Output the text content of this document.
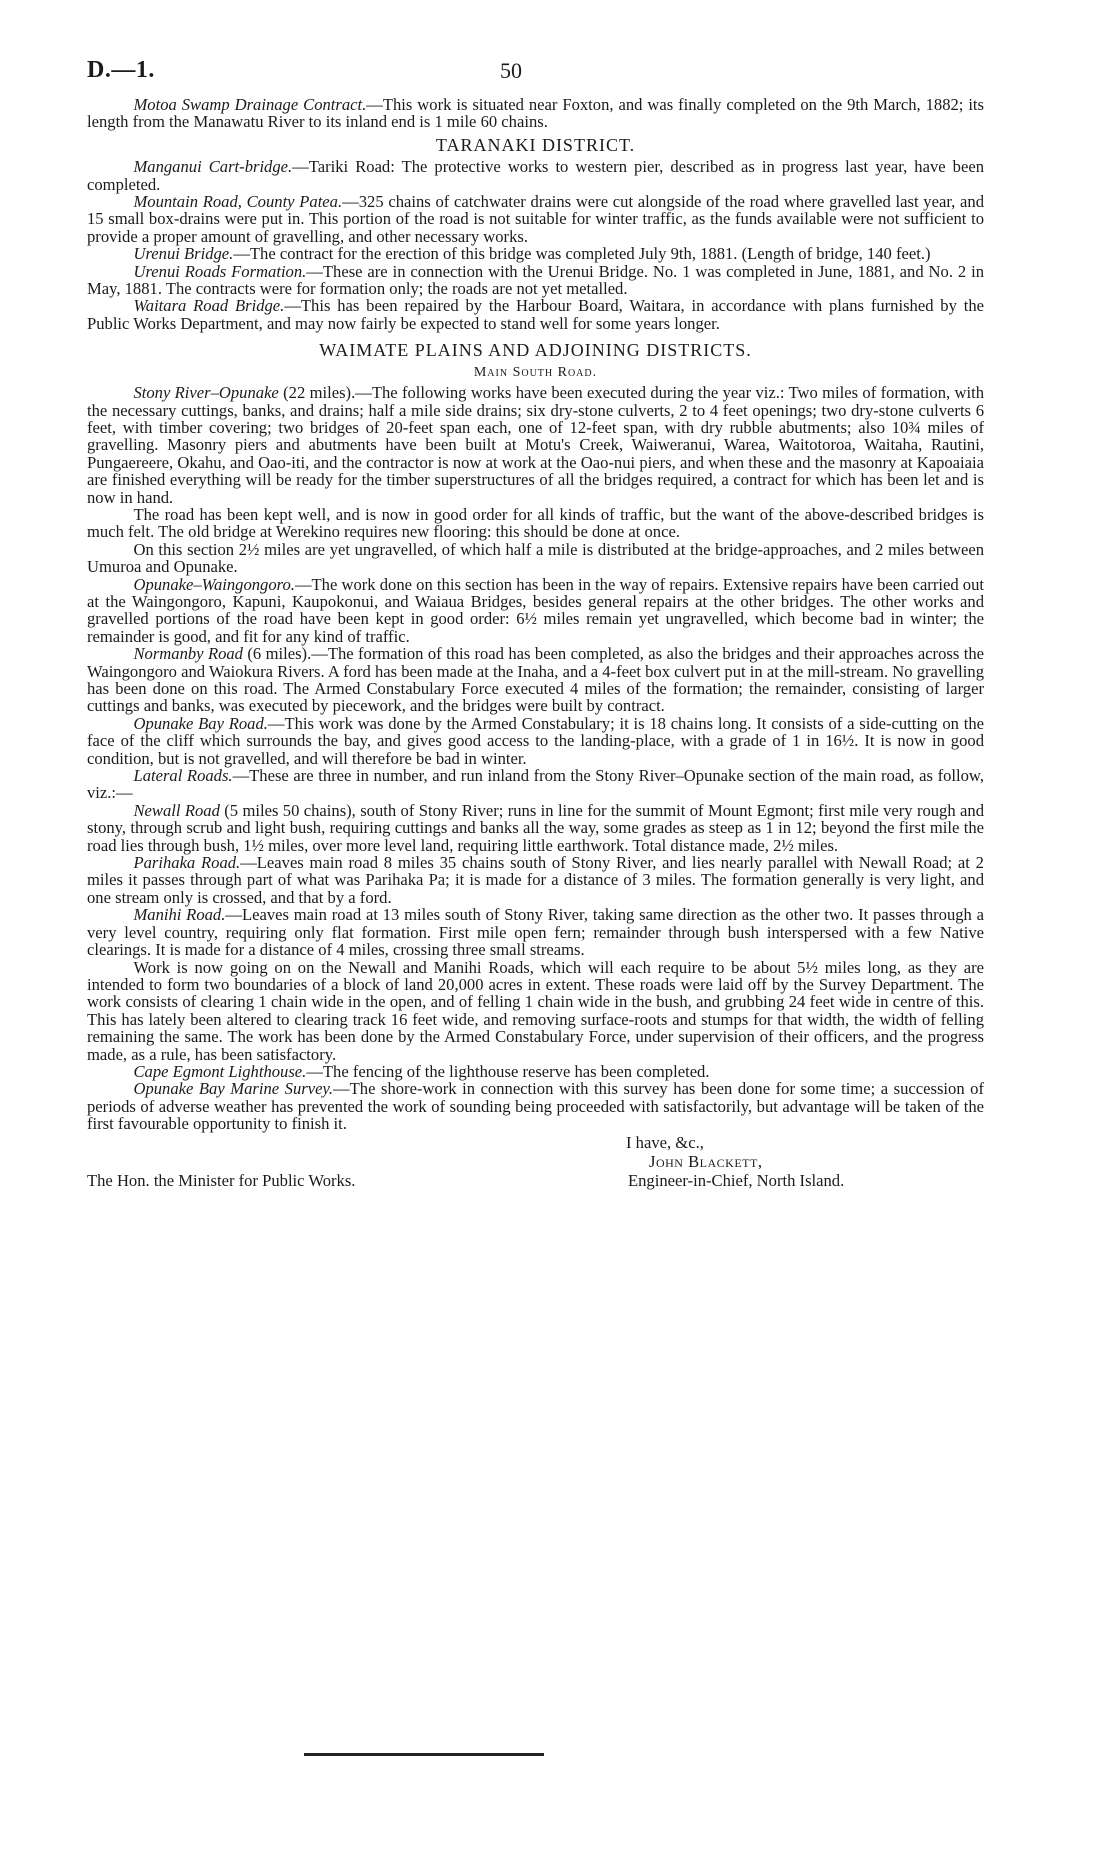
D.—1.	50

Motoa Swamp Drainage Contract.—This work is situated near Foxton, and was finally completed on the 9th March, 1882; its length from the Manawatu River to its inland end is 1 mile 60 chains.

TARANAKI DISTRICT.

Manganui Cart-bridge.—Tariki Road: The protective works to western pier, described as in progress last year, have been completed.

Mountain Road, County Patea.—325 chains of catchwater drains were cut alongside of the road where gravelled last year, and 15 small box-drains were put in. This portion of the road is not suitable for winter traffic, as the funds available were not sufficient to provide a proper amount of gravelling, and other necessary works.

Urenui Bridge.—The contract for the erection of this bridge was completed July 9th, 1881. (Length of bridge, 140 feet.)

Urenui Roads Formation.—These are in connection with the Urenui Bridge. No. 1 was completed in June, 1881, and No. 2 in May, 1881. The contracts were for formation only; the roads are not yet metalled.

Waitara Road Bridge.—This has been repaired by the Harbour Board, Waitara, in accordance with plans furnished by the Public Works Department, and may now fairly be expected to stand well for some years longer.

WAIMATE PLAINS AND ADJOINING DISTRICTS.
Main South Road.

Stony River–Opunake (22 miles).—The following works have been executed during the year viz.: Two miles of formation, with the necessary cuttings, banks, and drains; half a mile side drains; six dry-stone culverts, 2 to 4 feet openings; two dry-stone culverts 6 feet, with timber covering; two bridges of 20-feet span each, one of 12-feet span, with dry rubble abutments; also 10¾ miles of gravelling. Masonry piers and abutments have been built at Motu's Creek, Waiweranui, Warea, Waitotoroa, Waitaha, Rautini, Pungaereere, Okahu, and Oao-iti, and the contractor is now at work at the Oao-nui piers, and when these and the masonry at Kapoaiaia are finished everything will be ready for the timber superstructures of all the bridges required, a contract for which has been let and is now in hand.

The road has been kept well, and is now in good order for all kinds of traffic, but the want of the above-described bridges is much felt. The old bridge at Werekino requires new flooring: this should be done at once.

On this section 2½ miles are yet ungravelled, of which half a mile is distributed at the bridge-approaches, and 2 miles between Umuroa and Opunake.

Opunake–Waingongoro.—The work done on this section has been in the way of repairs. Extensive repairs have been carried out at the Waingongoro, Kapuni, Kaupokonui, and Waiaua Bridges, besides general repairs at the other bridges. The other works and gravelled portions of the road have been kept in good order: 6½ miles remain yet ungravelled, which become bad in winter; the remainder is good, and fit for any kind of traffic.

Normanby Road (6 miles).—The formation of this road has been completed, as also the bridges and their approaches across the Waingongoro and Waiokura Rivers. A ford has been made at the Inaha, and a 4-feet box culvert put in at the mill-stream. No gravelling has been done on this road. The Armed Constabulary Force executed 4 miles of the formation; the remainder, consisting of larger cuttings and banks, was executed by piecework, and the bridges were built by contract.

Opunake Bay Road.—This work was done by the Armed Constabulary; it is 18 chains long. It consists of a side-cutting on the face of the cliff which surrounds the bay, and gives good access to the landing-place, with a grade of 1 in 16½. It is now in good condition, but is not gravelled, and will therefore be bad in winter.

Lateral Roads.—These are three in number, and run inland from the Stony River–Opunake section of the main road, as follow, viz.:—

Newall Road (5 miles 50 chains), south of Stony River; runs in line for the summit of Mount Egmont; first mile very rough and stony, through scrub and light bush, requiring cuttings and banks all the way, some grades as steep as 1 in 12; beyond the first mile the road lies through bush, 1½ miles, over more level land, requiring little earthwork. Total distance made, 2½ miles.

Parihaka Road.—Leaves main road 8 miles 35 chains south of Stony River, and lies nearly parallel with Newall Road; at 2 miles it passes through part of what was Parihaka Pa; it is made for a distance of 3 miles. The formation generally is very light, and one stream only is crossed, and that by a ford.

Manihi Road.—Leaves main road at 13 miles south of Stony River, taking same direction as the other two. It passes through a very level country, requiring only flat formation. First mile open fern; remainder through bush interspersed with a few Native clearings. It is made for a distance of 4 miles, crossing three small streams.

Work is now going on on the Newall and Manihi Roads, which will each require to be about 5½ miles long, as they are intended to form two boundaries of a block of land 20,000 acres in extent. These roads were laid off by the Survey Department. The work consists of clearing 1 chain wide in the open, and of felling 1 chain wide in the bush, and grubbing 24 feet wide in centre of this. This has lately been altered to clearing track 16 feet wide, and removing surface-roots and stumps for that width, the width of felling remaining the same. The work has been done by the Armed Constabulary Force, under supervision of their officers, and the progress made, as a rule, has been satisfactory.

Cape Egmont Lighthouse.—The fencing of the lighthouse reserve has been completed.

Opunake Bay Marine Survey.—The shore-work in connection with this survey has been done for some time; a succession of periods of adverse weather has prevented the work of sounding being proceeded with satisfactorily, but advantage will be taken of the first favourable opportunity to finish it.

I have, &c.,
John Blackett,
Engineer-in-Chief, North Island.
The Hon. the Minister for Public Works.
